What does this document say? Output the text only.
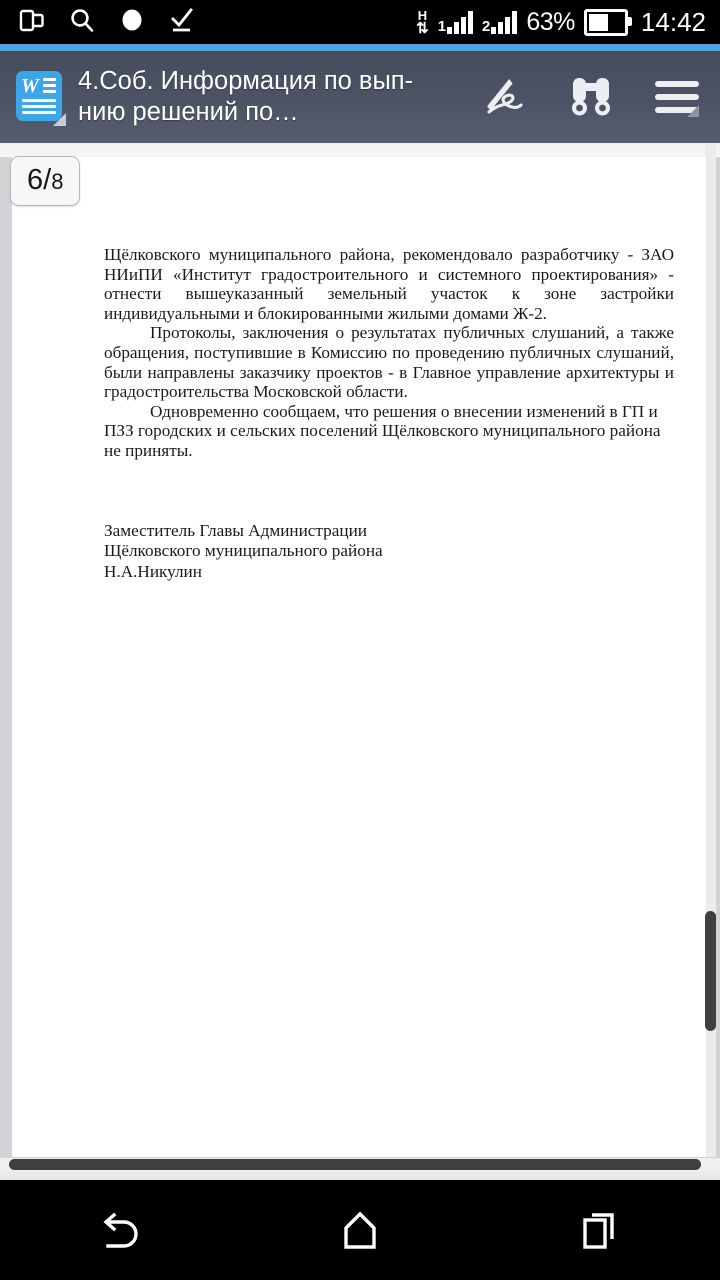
H
⇅ 1 2 63%	14:42
W 4.Соб. Информация по вып-нию решений по…

Щёлковского муниципального района, рекомендовало разработчику - ЗАО НИиПИ «Институт градостроительного и системного проектирования» - отнести вышеуказанный земельный участок к зоне застройки индивидуальными и блокированными жилыми домами Ж-2.

Протоколы, заключения о результатах публичных слушаний, а также обращения, поступившие в Комиссию по проведению публичных слушаний, были направлены заказчику проектов - в Главное управление архитектуры и градостроительства Московской области.

Одновременно сообщаем, что решения о внесении изменений в ГП и ПЗЗ городских и сельских поселений Щёлковского муниципального района не приняты.

Заместитель Главы Администрации

Щёлковского муниципального района

Н.А.Никулин

6/8
